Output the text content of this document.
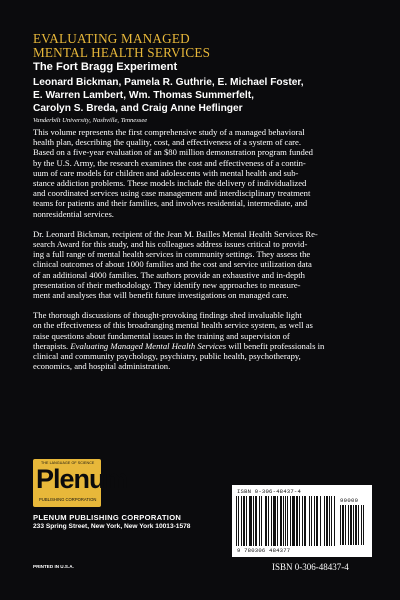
EVALUATING MANAGED
MENTAL HEALTH SERVICES
The Fort Bragg Experiment
Leonard Bickman, Pamela R. Guthrie, E. Michael Foster,
E. Warren Lambert, Wm. Thomas Summerfelt,
Carolyn S. Breda, and Craig Anne Heflinger
Vanderbilt University, Nashville, Tennessee

This volume represents the first comprehensive study of a managed behavioral
health plan, describing the quality, cost, and effectiveness of a system of care.
Based on a five-year evaluation of an $80 million demonstration program funded
by the U.S. Army, the research examines the cost and effectiveness of a contin-
uum of care models for children and adolescents with mental health and sub-
stance addiction problems. These models include the delivery of individualized
and coordinated services using case management and interdisciplinary treatment
teams for patients and their families, and involves residential, intermediate, and
nonresidential services.

Dr. Leonard Bickman, recipient of the Jean M. Bailles Mental Health Services Re-
search Award for this study, and his colleagues address issues critical to provid-
ing a full range of mental health services in community settings. They assess the
clinical outcomes of about 1000 families and the cost and service utilization data
of an additional 4000 families. The authors provide an exhaustive and in-depth
presentation of their methodology. They identify new approaches to measure-
ment and analyses that will benefit future investigations on managed care.

The thorough discussions of thought-provoking findings shed invaluable light
on the effectiveness of this broadranging mental health service system, as well as
raise questions about fundamental issues in the training and supervision of
therapists. Evaluating Managed Mental Health Services will benefit professionals in
clinical and community psychology, psychiatry, public health, psychotherapy,
economics, and hospital administration.

THE LANGUAGE OF SCIENCE
Plenum
PUBLISHING CORPORATION
PLENUM PUBLISHING CORPORATION
233 Spring Street, New York, New York 10013-1578
PRINTED IN U.S.A.
ISBN 0-306-48437-4
90000
9 780306 484377
ISBN 0-306-48437-4
